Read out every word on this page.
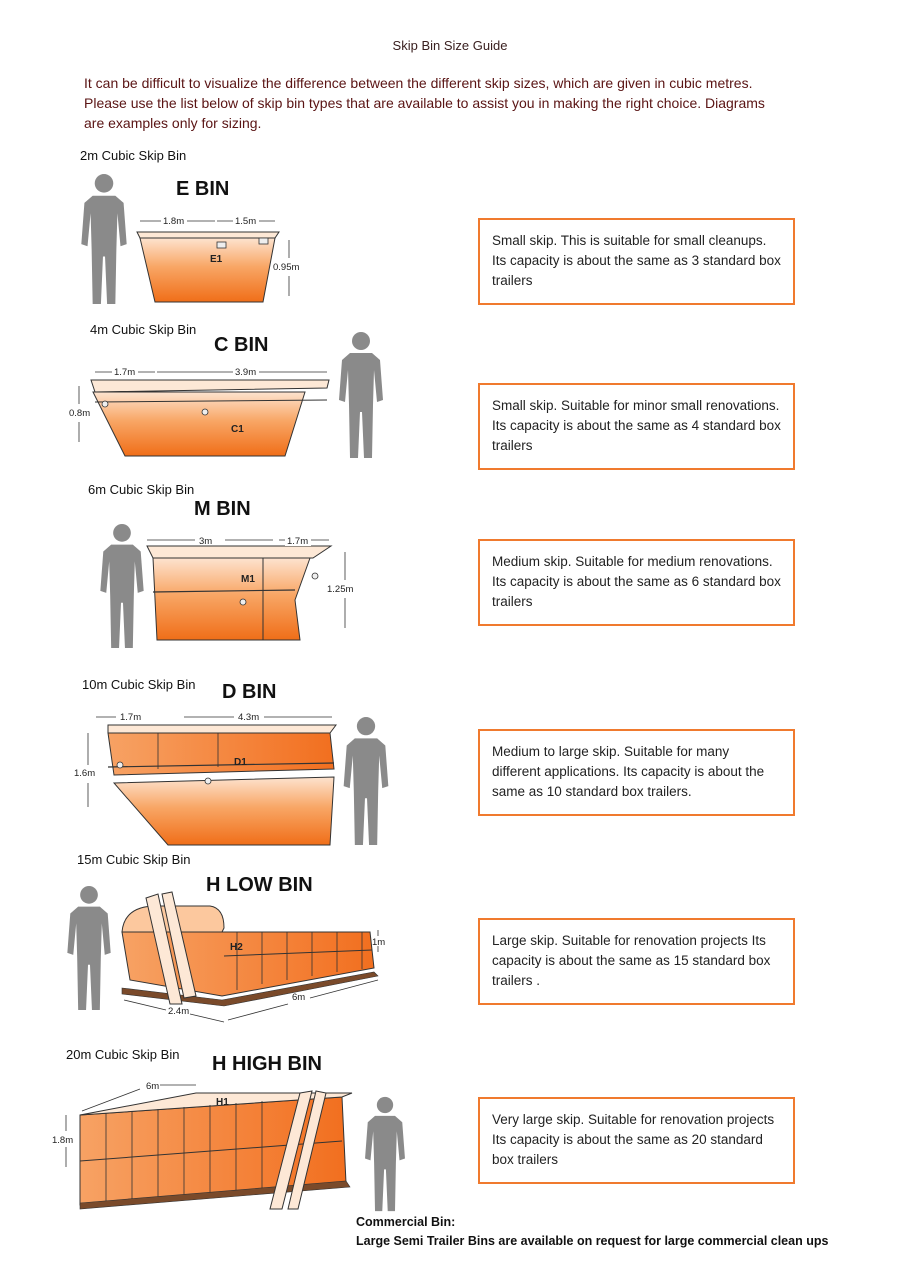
Skip Bin Size Guide
It can be difficult to visualize the difference between the different skip sizes, which are given in cubic metres. Please use the list below of skip bin types that are available to assist you in making the right choice. Diagrams are examples only for sizing.
2m Cubic Skip Bin
E BIN
E1
1.8m	1.5m
0.95m
Small skip. This is suitable for small cleanups. Its capacity is about the same as 3 standard box trailers
4m Cubic Skip Bin
C BIN
C1
1.7m	3.9m
0.8m
Small skip. Suitable for minor small renovations. Its capacity is about the same as 4 standard box trailers
6m Cubic Skip Bin
M BIN
M1
3m	1.7m
1.25m
Medium skip. Suitable for medium renovations. Its capacity is about the same as 6 standard box trailers
10m Cubic Skip Bin D BIN
D1
1.7m	4.3m
1.6m
Medium to large skip. Suitable for many different applications. Its capacity is about the same as 10 standard box trailers.
15m Cubic Skip Bin
H LOW BIN
H2
2.4m
6m
1m	Large skip. Suitable for renovation projects Its capacity is about the same as 15 standard box trailers .
20m Cubic Skip Bin H HIGH BIN
H1
6m
1.8m
Very large skip. Suitable for renovation projects Its capacity is about the same as 20 standard box trailers
Commercial Bin:
Large Semi Trailer Bins are available on request for large commercial clean ups
